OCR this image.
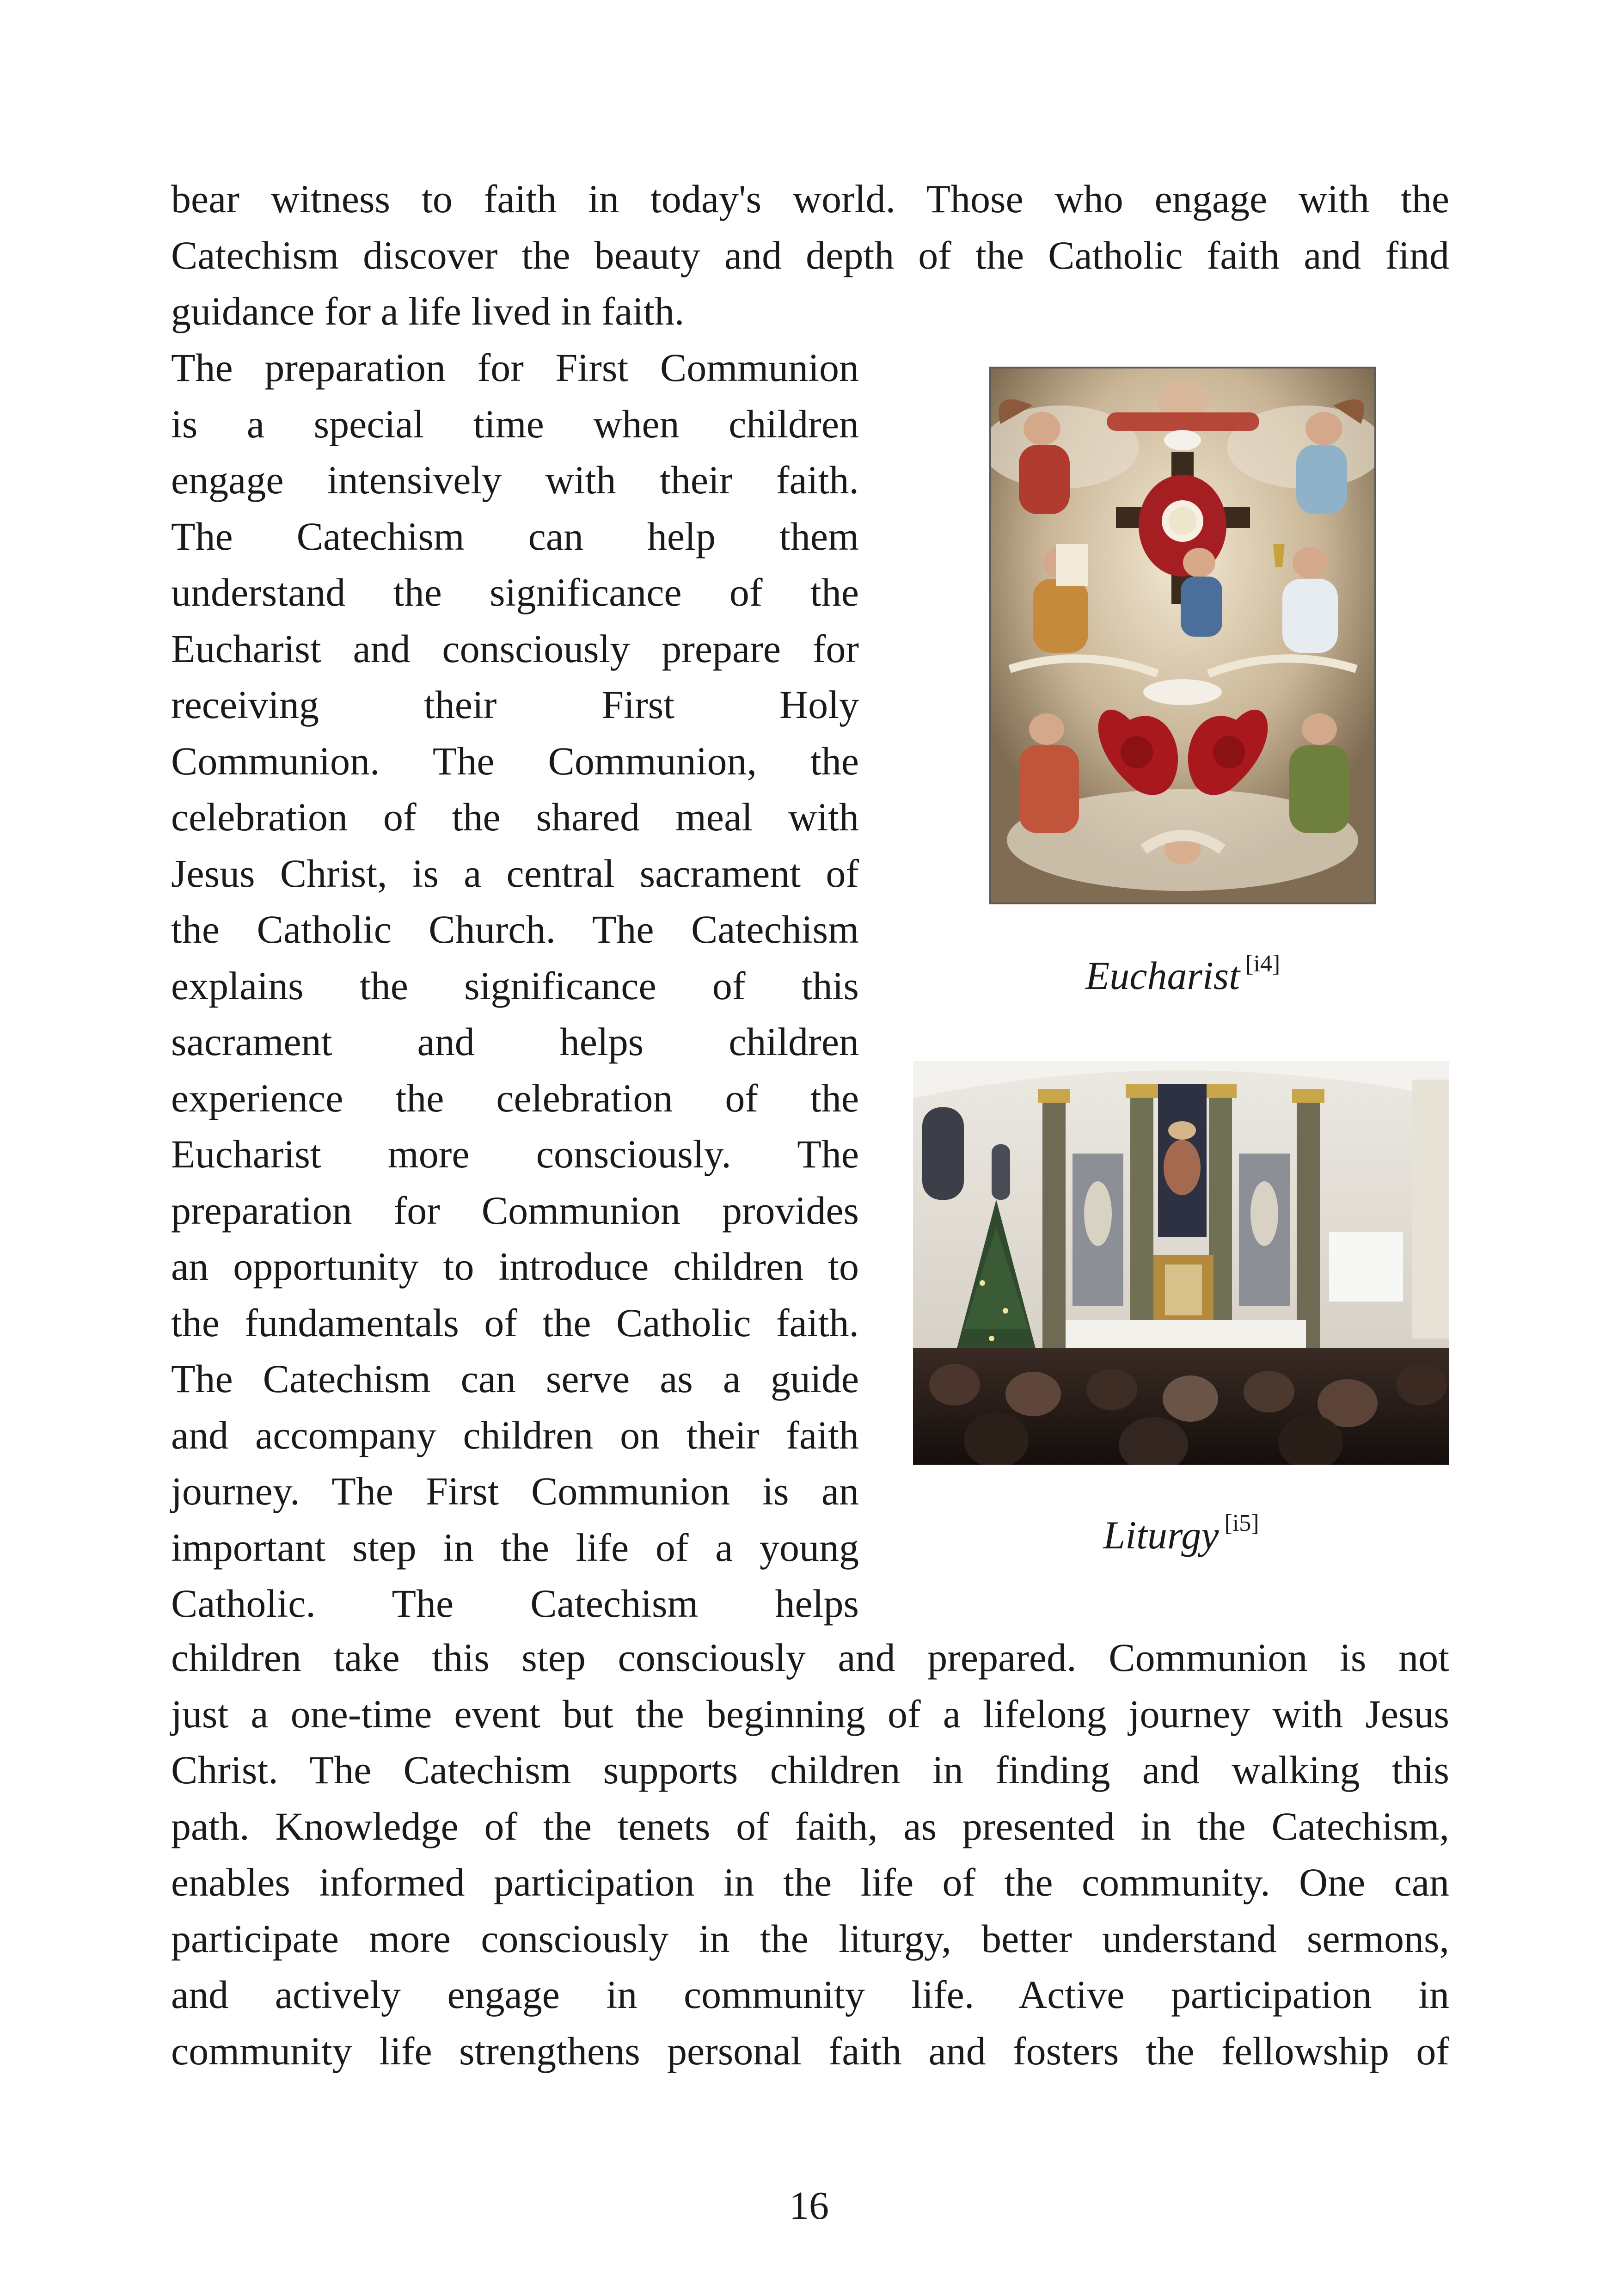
bear witness to faith in today's world. Those who engage with the
Catechism discover the beauty and depth of the Catholic faith and find
guidance for a life lived in faith.
The preparation for First Communion
is a special time when children
engage intensively with their faith.
The Catechism can help them
understand the significance of the
Eucharist and consciously prepare for
receiving their First Holy
Communion. The Communion, the
celebration of the shared meal with
Jesus Christ, is a central sacrament of
the Catholic Church. The Catechism
explains the significance of this
sacrament and helps children
experience the celebration of the
Eucharist more consciously. The
preparation for Communion provides
an opportunity to introduce children to
the fundamentals of the Catholic faith.
The Catechism can serve as a guide
and accompany children on their faith
journey. The First Communion is an
important step in the life of a young
Catholic. The Catechism helps
Eucharist [i4]
Liturgy [i5]
children take this step consciously and prepared. Communion is not
just a one-time event but the beginning of a lifelong journey with Jesus
Christ. The Catechism supports children in finding and walking this
path. Knowledge of the tenets of faith, as presented in the Catechism,
enables informed participation in the life of the community. One can
participate more consciously in the liturgy, better understand sermons,
and actively engage in community life. Active participation in
community life strengthens personal faith and fosters the fellowship of
16
